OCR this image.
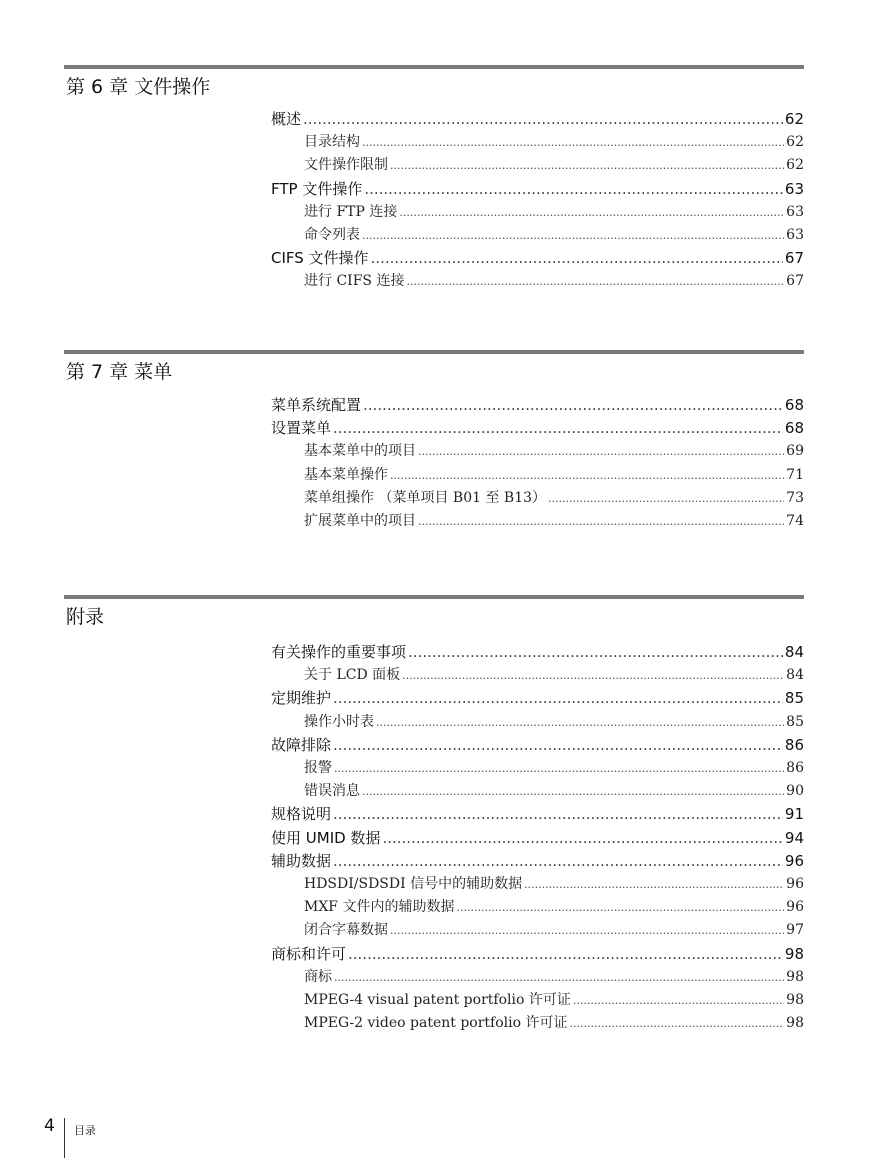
第 6 章 文件操作
概述 .....	62
目录结构 .....	62
文件操作限制 .....	62
FTP 文件操作 .....	63
进行 FTP 连接 .....	63
命令列表 .....	63
CIFS 文件操作 .....	67
进行 CIFS 连接 .....	67
第 7 章 菜单
菜单系统配置 .....	68
设置菜单 .....	68
基本菜单中的项目 .....	69
基本菜单操作 .....	71
菜单组操作 （菜单项目 B01 至 B13） .....	73
扩展菜单中的项目 .....	74
附录
有关操作的重要事项 .....	84
关于 LCD 面板 .....	84
定期维护 .....	85
操作小时表 .....	85
故障排除 .....	86
报警 .....	86
错误消息 .....	90
规格说明 .....	91
使用 UMID 数据 .....	94
辅助数据 .....	96
HDSDI/SDSDI 信号中的辅助数据 .....	96
MXF 文件内的辅助数据 .....	96
闭合字幕数据 .....	97
商标和许可 .....	98
商标 .....	98
MPEG-4 visual patent portfolio 许可证 .....	98
MPEG-2 video patent portfolio 许可证 .....	98
4 目录
